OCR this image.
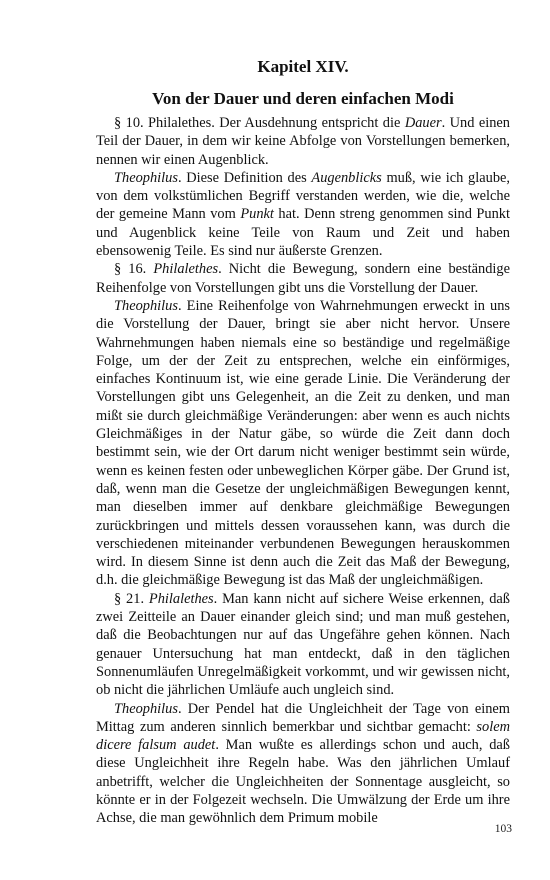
Kapitel XIV.
Von der Dauer und deren einfachen Modi

§ 10. Philalethes. Der Ausdehnung entspricht die Dauer. Und einen Teil der Dauer, in dem wir keine Abfolge von Vorstellungen bemerken, nennen wir einen Augenblick.

Theophilus. Diese Definition des Augenblicks muß, wie ich glaube, von dem volkstümlichen Begriff verstanden werden, wie die, welche der gemeine Mann vom Punkt hat. Denn streng genommen sind Punkt und Augenblick keine Teile von Raum und Zeit und haben ebensowenig Teile. Es sind nur äußerste Grenzen.

§ 16. Philalethes. Nicht die Bewegung, sondern eine beständige Reihenfolge von Vorstellungen gibt uns die Vorstellung der Dauer.

Theophilus. Eine Reihenfolge von Wahrnehmungen erweckt in uns die Vorstellung der Dauer, bringt sie aber nicht hervor. Unsere Wahrnehmungen haben niemals eine so beständige und regelmäßige Folge, um der der Zeit zu entsprechen, welche ein einförmiges, einfaches Kontinuum ist, wie eine gerade Linie. Die Veränderung der Vorstellungen gibt uns Gelegenheit, an die Zeit zu denken, und man mißt sie durch gleichmäßige Veränderungen: aber wenn es auch nichts Gleichmäßiges in der Natur gäbe, so würde die Zeit dann doch bestimmt sein, wie der Ort darum nicht weniger bestimmt sein würde, wenn es keinen festen oder unbeweglichen Körper gäbe. Der Grund ist, daß, wenn man die Gesetze der ungleichmäßigen Bewegungen kennt, man dieselben immer auf denkbare gleichmäßige Bewegungen zurückbringen und mittels dessen voraussehen kann, was durch die verschiedenen miteinander verbundenen Bewegungen herauskommen wird. In diesem Sinne ist denn auch die Zeit das Maß der Bewegung, d.h. die gleichmäßige Bewegung ist das Maß der ungleichmäßigen.

§ 21. Philalethes. Man kann nicht auf sichere Weise erkennen, daß zwei Zeitteile an Dauer einander gleich sind; und man muß gestehen, daß die Beobachtungen nur auf das Ungefähre gehen können. Nach genauer Untersuchung hat man entdeckt, daß in den täglichen Sonnenumläufen Unregelmäßigkeit vorkommt, und wir gewissen nicht, ob nicht die jährlichen Umläufe auch ungleich sind.

Theophilus. Der Pendel hat die Ungleichheit der Tage von einem Mittag zum anderen sinnlich bemerkbar und sichtbar gemacht: solem dicere falsum audet. Man wußte es allerdings schon und auch, daß diese Ungleichheit ihre Regeln habe. Was den jährlichen Umlauf anbetrifft, welcher die Ungleichheiten der Sonnentage ausgleicht, so könnte er in der Folgezeit wechseln. Die Umwälzung der Erde um ihre Achse, die man gewöhnlich dem Primum mobile

103
